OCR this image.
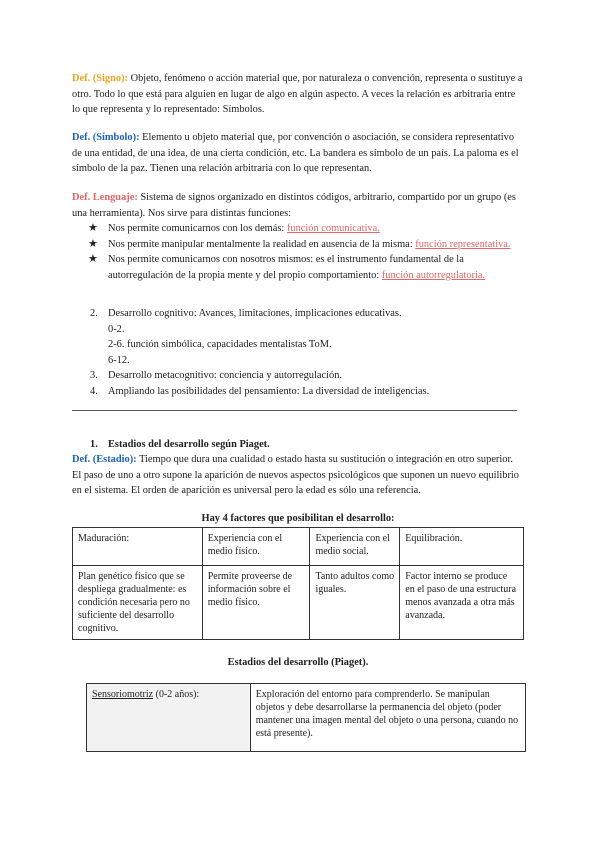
Def. (Signo): Objeto, fenómeno o acción material que, por naturaleza o convención, representa o sustituye a otro. Todo lo que está para alguien en lugar de algo en algún aspecto. A veces la relación es arbitraria entre lo que representa y lo representado: Símbolos.

Def. (Símbolo): Elemento u objeto material que, por convención o asociación, se considera representativo de una entidad, de una idea, de una cierta condición, etc. La bandera es símbolo de un país. La paloma es el símbolo de la paz. Tienen una relación arbitraria con lo que representan.

Def. Lenguaje: Sistema de signos organizado en distintos códigos, arbitrario, compartido por un grupo (es una herramienta). Nos sirve para distintas funciones:

★ Nos permite comunicarnos con los demás: función comunicativa.
★ Nos permite manipular mentalmente la realidad en ausencia de la misma: función representativa.
★ Nos permite comunicarnos con nosotros mismos: es el instrumento fundamental de la autorregulación de la propia mente y del propio comportamiento: función autorregulatoria.
2. Desarrollo cognitivo: Avances, limitaciones, implicaciones educativas.
0-2.
2-6. función simbólica, capacidades mentalistas ToM.
6-12.
3. Desarrollo metacognitivo: conciencia y autorregulación.
4. Ampliando las posibilidades del pensamiento: La diversidad de inteligencias.
1. Estadios del desarrollo según Piaget.

Def. (Estadio): Tiempo que dura una cualidad o estado hasta su sustitución o integración en otro superior. El paso de uno a otro supone la aparición de nuevos aspectos psicológicos que suponen un nuevo equilibrio en el sistema. El orden de aparición es universal pero la edad es sólo una referencia.

Hay 4 factores que posibilitan el desarrollo:
Maduración:	Experiencia con el medio físico.	Experiencia con el medio social.	Equilibración.
Plan genético físico que se despliega gradualmente: es condición necesaria pero no suficiente del desarrollo cognitivo.	Permite proveerse de información sobre el medio físico.	Tanto adultos como iguales.	Factor interno se produce en el paso de una estructura menos avanzada a otra más avanzada.
Estadios del desarrollo (Piaget).
Sensoriomotriz (0-2 años):	Exploración del entorno para comprenderlo. Se manipulan objetos y debe desarrollarse la permanencia del objeto (poder mantener una imagen mental del objeto o una persona, cuando no está presente).
